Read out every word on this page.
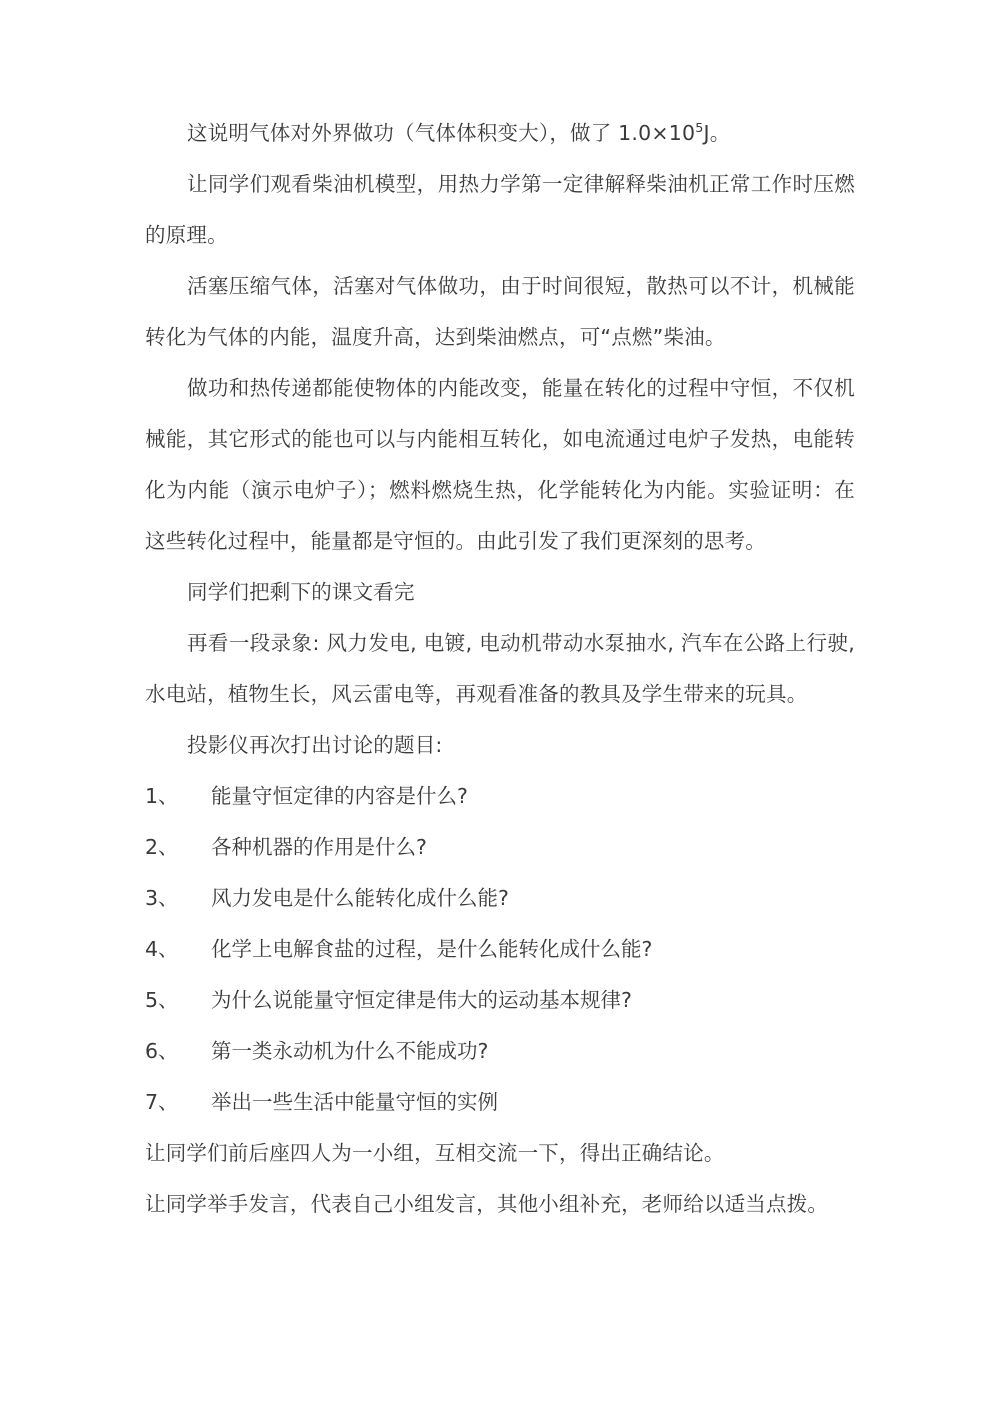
这说明气体对外界做功（气体体积变大），做了 $1.0\times 10^5J$。

让同学们观看柴油机模型，用热力学第一定律解释柴油机正常工作时压燃的原理。

活塞压缩气体，活塞对气体做功，由于时间很短，散热可以不计，机械能转化为气体的内能，温度升高，达到柴油燃点，可“点燃”柴油。

做功和热传递都能使物体的内能改变，能量在转化的过程中守恒，不仅机械能，其它形式的能也可以与内能相互转化，如电流通过电炉子发热，电能转化为内能（演示电炉子）；燃料燃烧生热，化学能转化为内能。实验证明：在这些转化过程中，能量都是守恒的。由此引发了我们更深刻的思考。

同学们把剩下的课文看完

再看一段录象: 风力发电, 电镀, 电动机带动水泵抽水, 汽车在公路上行驶, 水电站，植物生长，风云雷电等，再观看准备的教具及学生带来的玩具。

投影仪再次打出讨论的题目:

1、 能量守恒定律的内容是什么?
2、 各种机器的作用是什么?
3、 风力发电是什么能转化成什么能?
4、 化学上电解食盐的过程，是什么能转化成什么能?
5、 为什么说能量守恒定律是伟大的运动基本规律?
6、 第一类永动机为什么不能成功?
7、 举出一些生活中能量守恒的实例

让同学们前后座四人为一小组，互相交流一下，得出正确结论。

让同学举手发言，代表自己小组发言，其他小组补充，老师给以适当点拨。
